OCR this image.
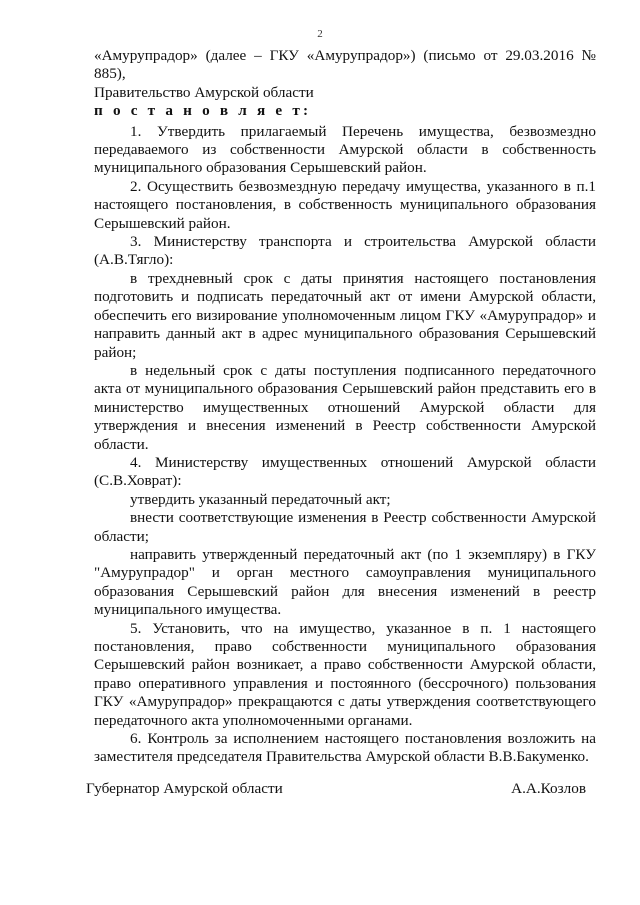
2

«Амурупрадор» (далее – ГКУ «Амурупрадор») (письмо от 29.03.2016 № 885),

Правительство Амурской области

п о с т а н о в л я е т:

1. Утвердить прилагаемый Перечень имущества, безвозмездно передаваемого из собственности Амурской области в собственность муниципального образования Серышевский район.

2. Осуществить безвозмездную передачу имущества, указанного в п.1 настоящего постановления, в собственность муниципального образования Серышевский район.

3. Министерству транспорта и строительства Амурской области (А.В.Тягло):

в трехдневный срок с даты принятия настоящего постановления подготовить и подписать передаточный акт от имени Амурской области, обеспечить его визирование уполномоченным лицом ГКУ «Амурупрадор» и направить данный акт в адрес муниципального образования Серышевский район;

в недельный срок с даты поступления подписанного передаточного акта от муниципального образования Серышевский район представить его в министерство имущественных отношений Амурской области для утверждения и внесения изменений в Реестр собственности Амурской области.

4. Министерству имущественных отношений Амурской области (С.В.Ховрат):

утвердить указанный передаточный акт;

внести соответствующие изменения в Реестр собственности Амурской области;

направить утвержденный передаточный акт (по 1 экземпляру) в ГКУ "Амурупрадор" и орган местного самоуправления муниципального образования Серышевский район для внесения изменений в реестр муниципального имущества.

5. Установить, что на имущество, указанное в п. 1 настоящего постановления, право собственности муниципального образования Серышевский район возникает, а право собственности Амурской области, право оперативного управления и постоянного (бессрочного) пользования ГКУ «Амурупрадор» прекращаются с даты утверждения соответствующего передаточного акта уполномоченными органами.

6. Контроль за исполнением настоящего постановления возложить на заместителя председателя Правительства Амурской области В.В.Бакуменко.

Губернатор Амурской области	А.А.Козлов
